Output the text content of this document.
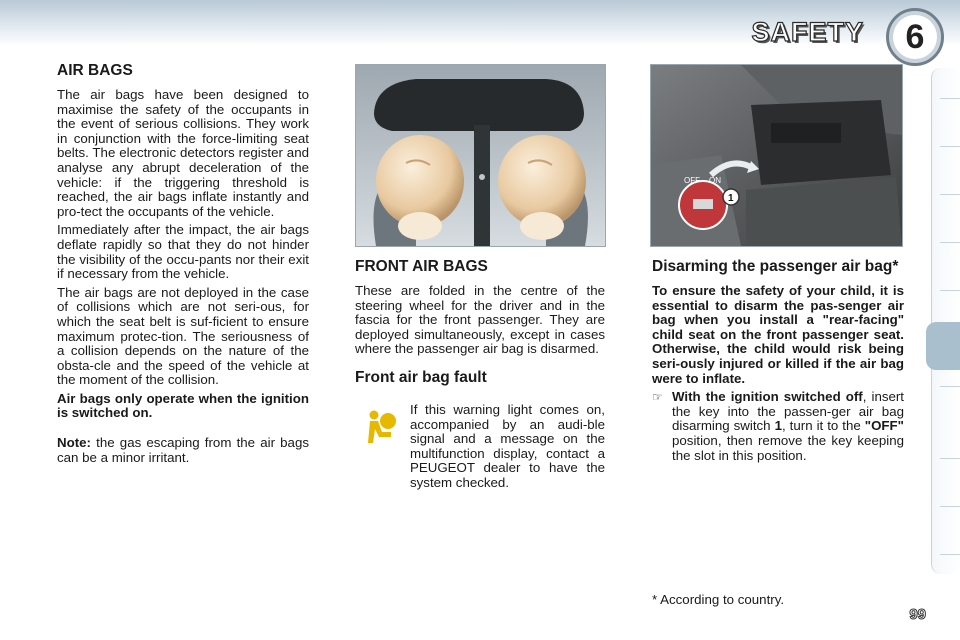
SAFETY	6
AIR BAGS

The air bags have been designed to maximise the safety of the occupants in the event of serious collisions. They work in conjunction with the force-limiting seat belts. The electronic detectors register and analyse any abrupt deceleration of the vehicle: if the triggering threshold is reached, the air bags inflate instantly and pro-tect the occupants of the vehicle.

Immediately after the impact, the air bags deflate rapidly so that they do not hinder the visibility of the occu-pants nor their exit if necessary from the vehicle.

The air bags are not deployed in the case of collisions which are not seri-ous, for which the seat belt is suf-ficient to ensure maximum protec-tion. The seriousness of a collision depends on the nature of the obsta-cle and the speed of the vehicle at the moment of the collision.

Air bags only operate when the ignition is switched on.

Note: the gas escaping from the air bags can be a minor irritant.

OFF ON
1
FRONT AIR BAGS

These are folded in the centre of the steering wheel for the driver and in the fascia for the front passenger. They are deployed simultaneously, except in cases where the passenger air bag is disarmed.

Front air bag fault
If this warning light comes on, accompanied by an audi-ble signal and a message on the multifunction display, contact a PEUGEOT dealer to have the system checked.
Disarming the passenger air bag*

To ensure the safety of your child, it is essential to disarm the pas-senger air bag when you install a "rear-facing" child seat on the front passenger seat. Otherwise, the child would risk being seri-ously injured or killed if the air bag were to inflate.

☞ With the ignition switched off, insert the key into the passen-ger air bag disarming switch 1, turn it to the "OFF" position, then remove the key keeping the slot in this position.

* According to country.
99
